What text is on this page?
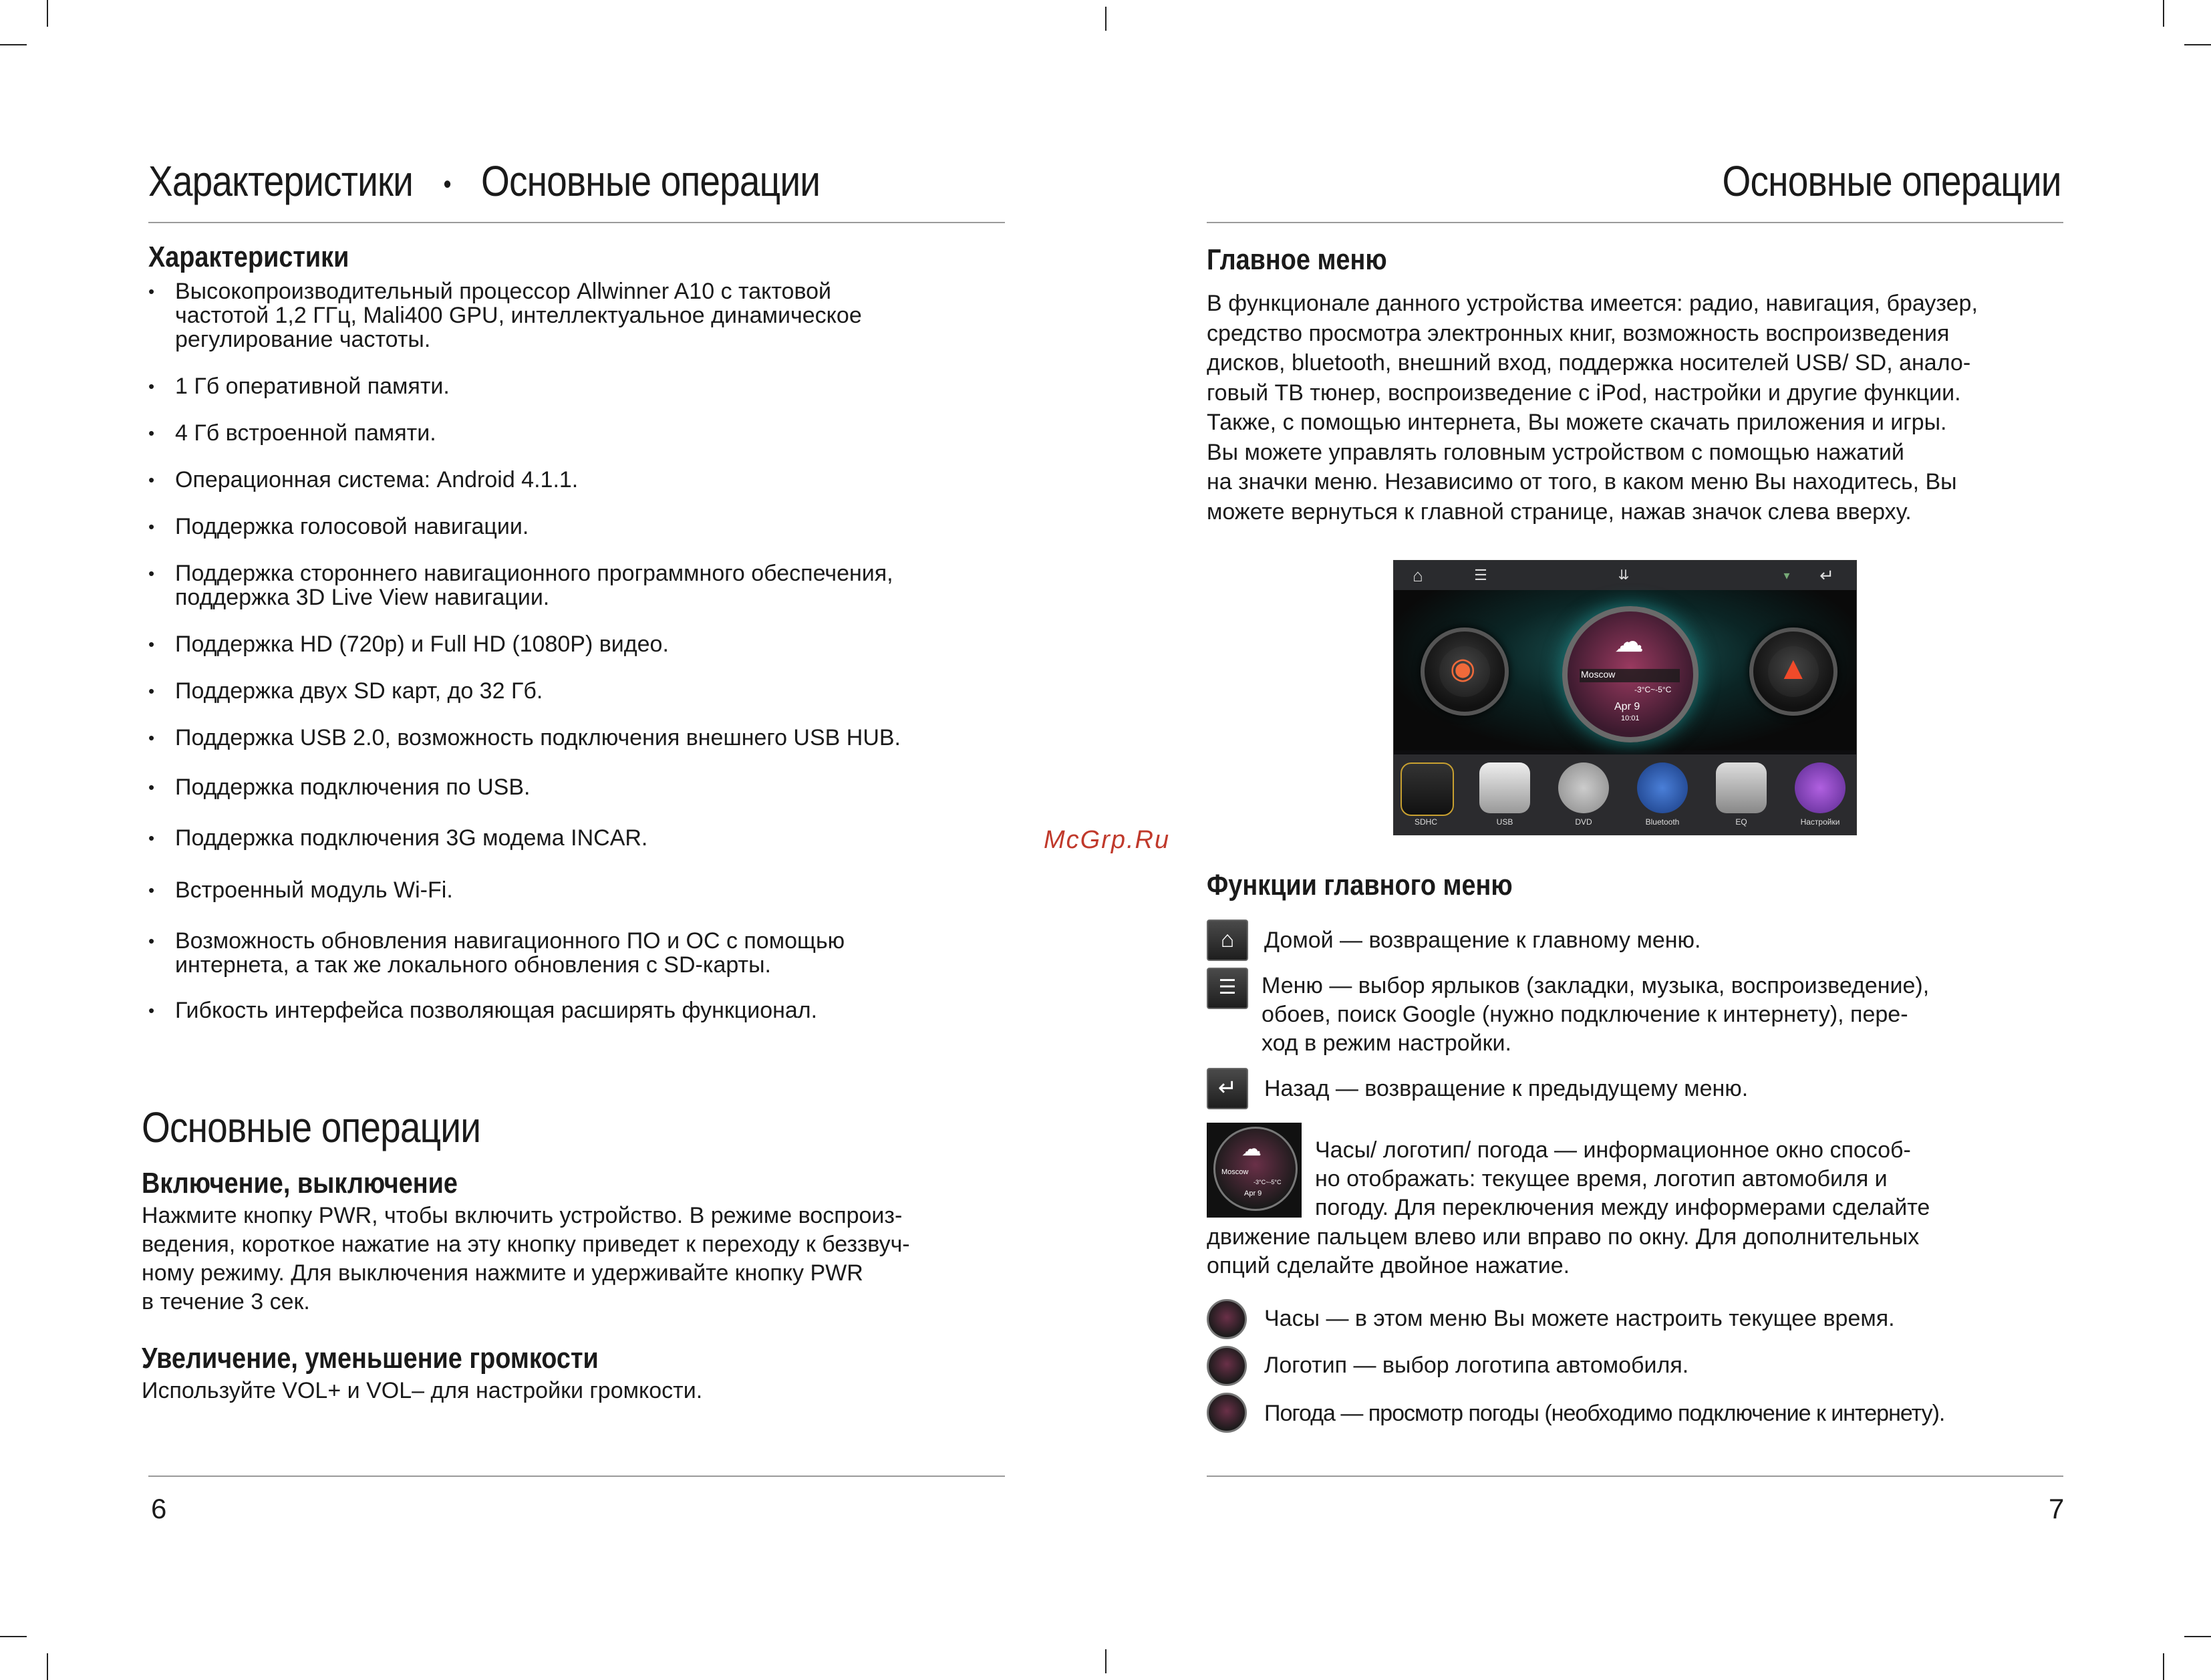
Характеристики • Основные операции
Характеристики
• Высокопроизводительный процессор Allwinner A10 с тактовой
частотой 1,2 ГГц, Mali400 GPU, интеллектуальное динамическое
регулирование частоты.
• 1 Гб оперативной памяти.
• 4 Гб встроенной памяти.
• Операционная система: Android 4.1.1.
• Поддержка голосовой навигации.
• Поддержка стороннего навигационного программного обеспечения,
поддержка 3D Live View навигации.
• Поддержка HD (720p) и Full HD (1080P) видео.
• Поддержка двух SD карт, до 32 Гб.
• Поддержка USB 2.0, возможность подключения внешнего USB HUB.
• Поддержка подключения по USB.
• Поддержка подключения 3G модема INCAR.
• Встроенный модуль Wi-Fi.
• Возможность обновления навигационного ПО и ОС с помощью
интернета, а так же локального обновления с SD-карты.
• Гибкость интерфейса позволяющая расширять функционал.
Основные операции
Включение, выключение
Нажмите кнопку PWR, чтобы включить устройство. В режиме воспроиз-
ведения, короткое нажатие на эту кнопку приведет к переходу к беззвуч-
ному режиму. Для выключения нажмите и удерживайте кнопку PWR
в течение 3 сек.
Увеличение, уменьшение громкости
Используйте VOL+ и VOL– для настройки громкости.
6
McGrp.Ru
Основные операции
Главное меню
В функционале данного устройства имеется: радио, навигация, браузер,
средство просмотра электронных книг, возможность воспроизведения
дисков, bluetooth, внешний вход, поддержка носителей USB/ SD, анало-
говый ТВ тюнер, воспроизведение с iPod, настройки и другие функции.
Также, с помощью интернета, Вы можете скачать приложения и игры.
Вы можете управлять головным устройством с помощью нажатий
на значки меню. Независимо от того, в каком меню Вы находитесь, Вы
можете вернуться к главной странице, нажав значок слева вверху.
⌂	☰	⇊	▾	↵
◉	▲
☁
Moscow
-3°C~-5°C
Apr 9
10:01
SDHC	USB	DVD	Bluetooth	EQ	Настройки
Функции главного меню
⌂	Домой — возвращение к главному меню.
☰	Меню — выбор ярлыков (закладки, музыка, воспроизведение),
обоев, поиск Google (нужно подключение к интернету), пере-
ход в режим настройки.
↵	Назад — возвращение к предыдущему меню.
☁
Moscow
-3°C~-5°C
Apr 9
Часы/ логотип/ погода — информационное окно способ-
но отображать: текущее время, логотип автомобиля и
погоду. Для переключения между информерами сделайте
движение пальцем влево или вправо по окну. Для дополнительных
опций сделайте двойное нажатие.
Часы — в этом меню Вы можете настроить текущее время.
Логотип — выбор логотипа автомобиля.
Погода — просмотр погоды (необходимо подключение к интернету).
7
